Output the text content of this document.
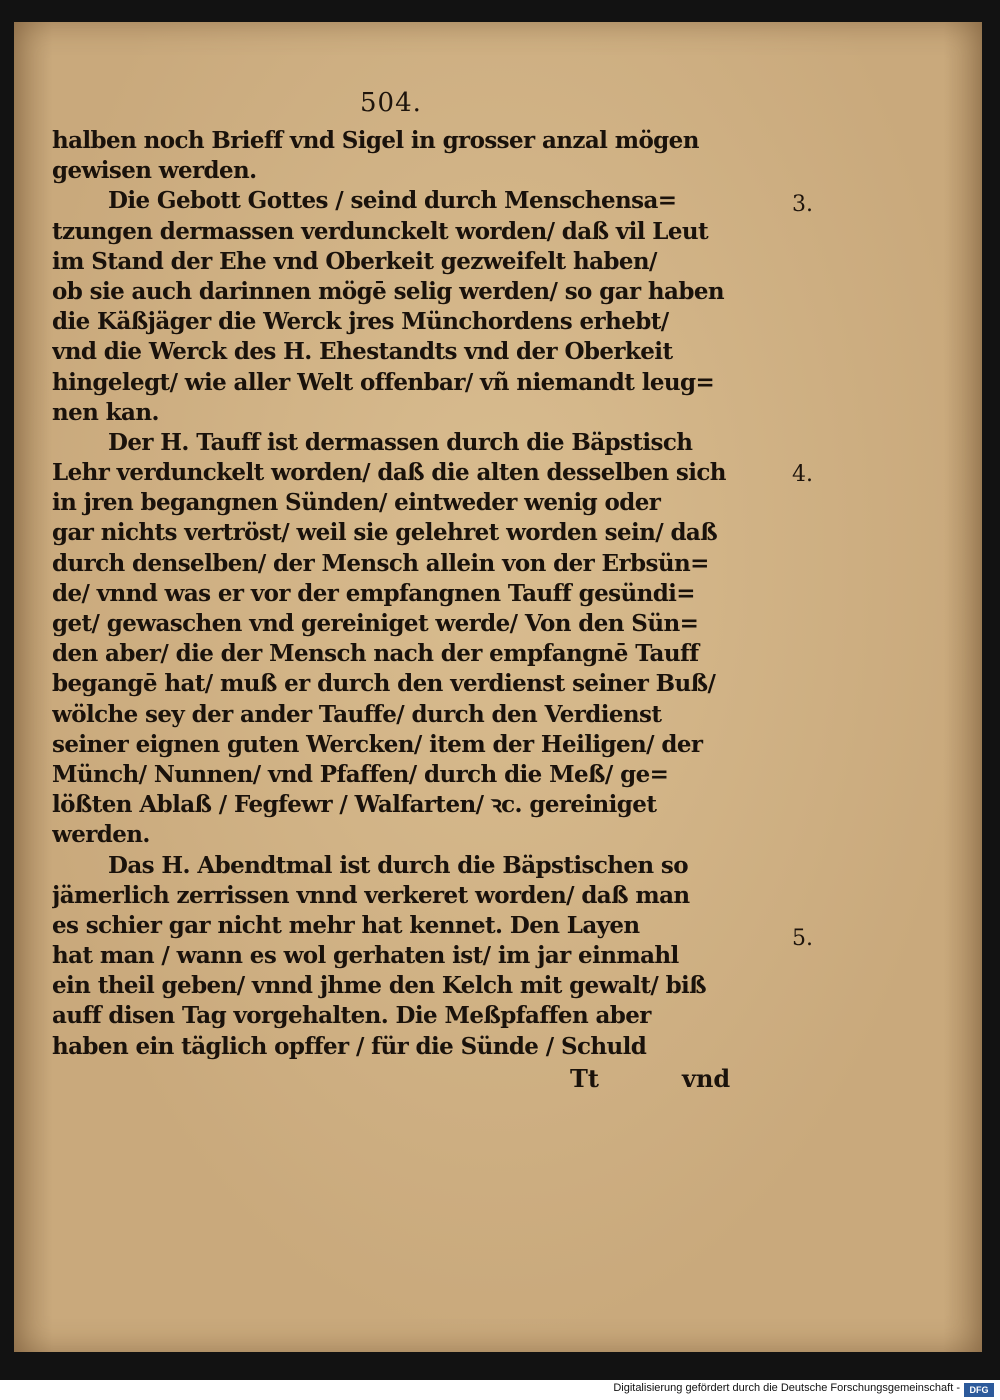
504.
3.
4.
5.
halben noch Brieff vnd Sigel in grosser anzal mögen
gewisen werden.
Die Gebott Gottes / seind durch Menschensa=
tzungen dermassen verdunckelt worden/ daß vil Leut
im Stand der Ehe vnd Oberkeit gezweifelt haben/
ob sie auch darinnen mögē selig werden/ so gar haben
die Käßjäger die Werck jres Münchordens erhebt/
vnd die Werck des H. Ehestandts vnd der Oberkeit
hingelegt/ wie aller Welt offenbar/ vñ niemandt leug=
nen kan.
Der H. Tauff ist dermassen durch die Bäpstisch
Lehr verdunckelt worden/ daß die alten desselben sich
in jren begangnen Sünden/ eintweder wenig oder
gar nichts vertröst/ weil sie gelehret worden sein/ daß
durch denselben/ der Mensch allein von der Erbsün=
de/ vnnd was er vor der empfangnen Tauff gesündi=
get/ gewaschen vnd gereiniget werde/ Von den Sün=
den aber/ die der Mensch nach der empfangnē Tauff
begangē hat/ muß er durch den verdienst seiner Buß/
wölche sey der ander Tauffe/ durch den Verdienst
seiner eignen guten Wercken/ item der Heiligen/ der
Münch/ Nunnen/ vnd Pfaffen/ durch die Meß/ ge=
lößten Ablaß / Fegfewr / Walfarten/ ꝛc. gereiniget
werden.
Das H. Abendtmal ist durch die Bäpstischen so
jämerlich zerrissen vnnd verkeret worden/ daß man
es schier gar nicht mehr hat kennet. Den Layen
hat man / wann es wol gerhaten ist/ im jar einmahl
ein theil geben/ vnnd jhme den Kelch mit gewalt/ biß
auff disen Tag vorgehalten. Die Meßpfaffen aber
haben ein täglich opffer / für die Sünde / Schuld
Tt	vnd
Digitalisierung gefördert durch die Deutsche Forschungsgemeinschaft -	DFG
